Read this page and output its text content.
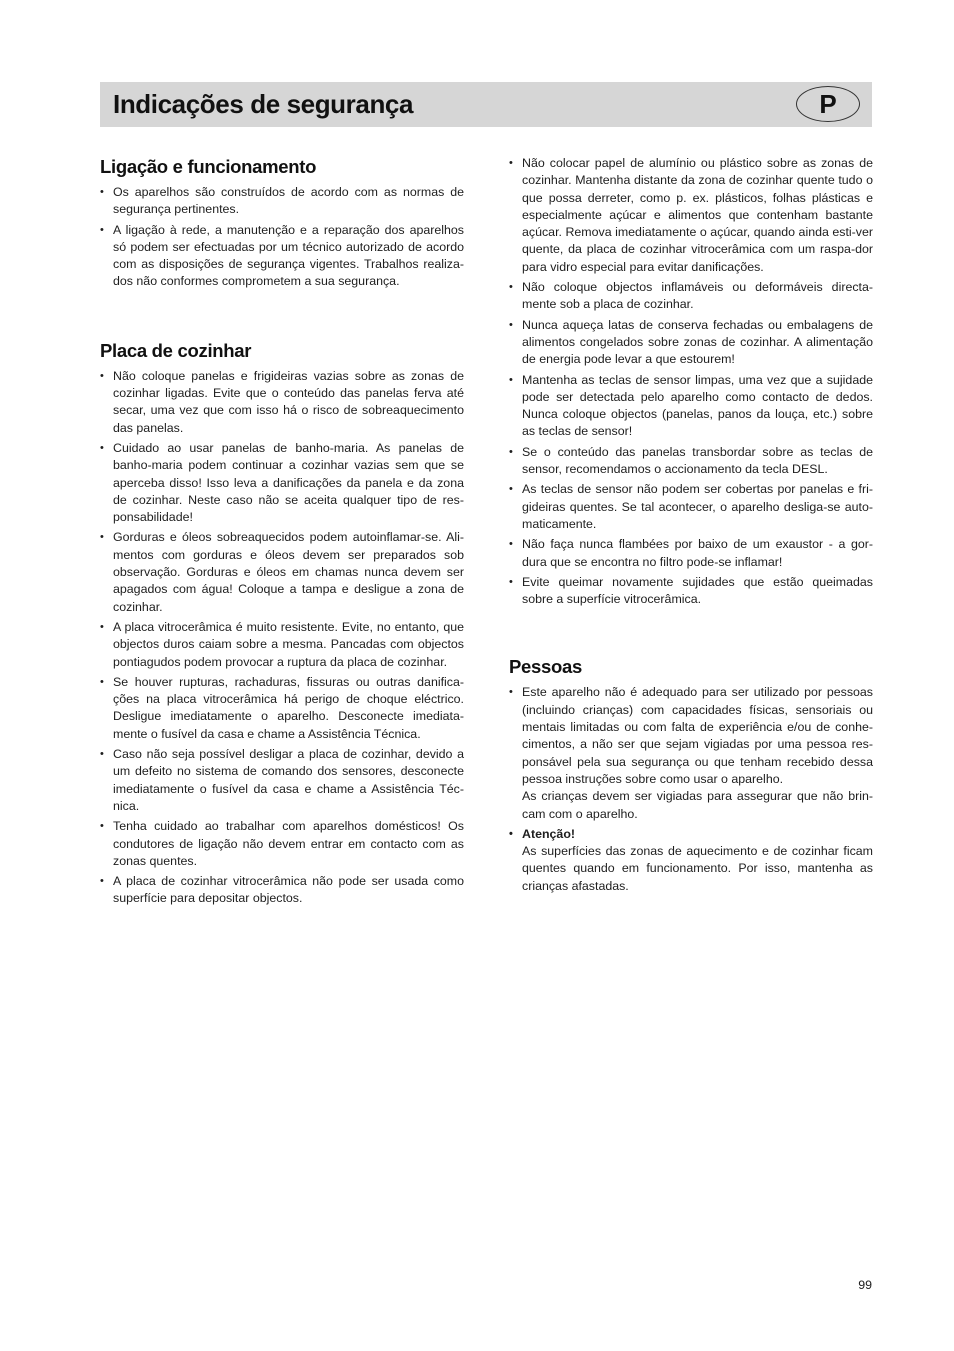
Indicações de segurança	P
Ligação e funcionamento
• Os aparelhos são construídos de acordo com as normas de segurança pertinentes.
• A ligação à rede, a manutenção e a reparação dos aparelhos só podem ser efectuadas por um técnico autorizado de acordo com as disposições de segurança vigentes. Trabalhos realiza-dos não conformes comprometem a sua segurança.
Placa de cozinhar
• Não coloque panelas e frigideiras vazias sobre as zonas de cozinhar ligadas. Evite que o conteúdo das panelas ferva até secar, uma vez que com isso há o risco de sobreaquecimento das panelas.
• Cuidado ao usar panelas de banho-maria. As panelas de banho-maria podem continuar a cozinhar vazias sem que se aperceba disso! Isso leva a danificações da panela e da zona de cozinhar. Neste caso não se aceita qualquer tipo de res-ponsabilidade!
• Gorduras e óleos sobreaquecidos podem autoinflamar-se. Ali-mentos com gorduras e óleos devem ser preparados sob observação. Gorduras e óleos em chamas nunca devem ser apagados com água! Coloque a tampa e desligue a zona de cozinhar.
• A placa vitrocerâmica é muito resistente. Evite, no entanto, que objectos duros caiam sobre a mesma. Pancadas com objectos pontiagudos podem provocar a ruptura da placa de cozinhar.
• Se houver rupturas, rachaduras, fissuras ou outras danifica-ções na placa vitrocerâmica há perigo de choque eléctrico. Desligue imediatamente o aparelho. Desconecte imediata-mente o fusível da casa e chame a Assistência Técnica.
• Caso não seja possível desligar a placa de cozinhar, devido a um defeito no sistema de comando dos sensores, desconecte imediatamente o fusível da casa e chame a Assistência Téc-nica.
• Tenha cuidado ao trabalhar com aparelhos domésticos! Os condutores de ligação não devem entrar em contacto com as zonas quentes.
• A placa de cozinhar vitrocerâmica não pode ser usada como superfície para depositar objectos.
• Não colocar papel de alumínio ou plástico sobre as zonas de cozinhar. Mantenha distante da zona de cozinhar quente tudo o que possa derreter, como p. ex. plásticos, folhas plásticas e especialmente açúcar e alimentos que contenham bastante açúcar. Remova imediatamente o açúcar, quando ainda esti-ver quente, da placa de cozinhar vitrocerâmica com um raspa-dor para vidro especial para evitar danificações.
• Não coloque objectos inflamáveis ou deformáveis directa-mente sob a placa de cozinhar.
• Nunca aqueça latas de conserva fechadas ou embalagens de alimentos congelados sobre zonas de cozinhar. A alimentação de energia pode levar a que estourem!
• Mantenha as teclas de sensor limpas, uma vez que a sujidade pode ser detectada pelo aparelho como contacto de dedos. Nunca coloque objectos (panelas, panos da louça, etc.) sobre as teclas de sensor!
• Se o conteúdo das panelas transbordar sobre as teclas de sensor, recomendamos o accionamento da tecla DESL.
• As teclas de sensor não podem ser cobertas por panelas e fri-gideiras quentes. Se tal acontecer, o aparelho desliga-se auto-maticamente.
• Não faça nunca flambées por baixo de um exaustor - a gor-dura que se encontra no filtro pode-se inflamar!
• Evite queimar novamente sujidades que estão queimadas sobre a superfície vitrocerâmica.
Pessoas
• Este aparelho não é adequado para ser utilizado por pessoas (incluindo crianças) com capacidades físicas, sensoriais ou mentais limitadas ou com falta de experiência e/ou de conhe-cimentos, a não ser que sejam vigiadas por uma pessoa res-ponsável pela sua segurança ou que tenham recebido dessa pessoa instruções sobre como usar o aparelho.
As crianças devem ser vigiadas para assegurar que não brin-cam com o aparelho.
• Atenção!
As superfícies das zonas de aquecimento e de cozinhar ficam quentes quando em funcionamento. Por isso, mantenha as crianças afastadas.
99
